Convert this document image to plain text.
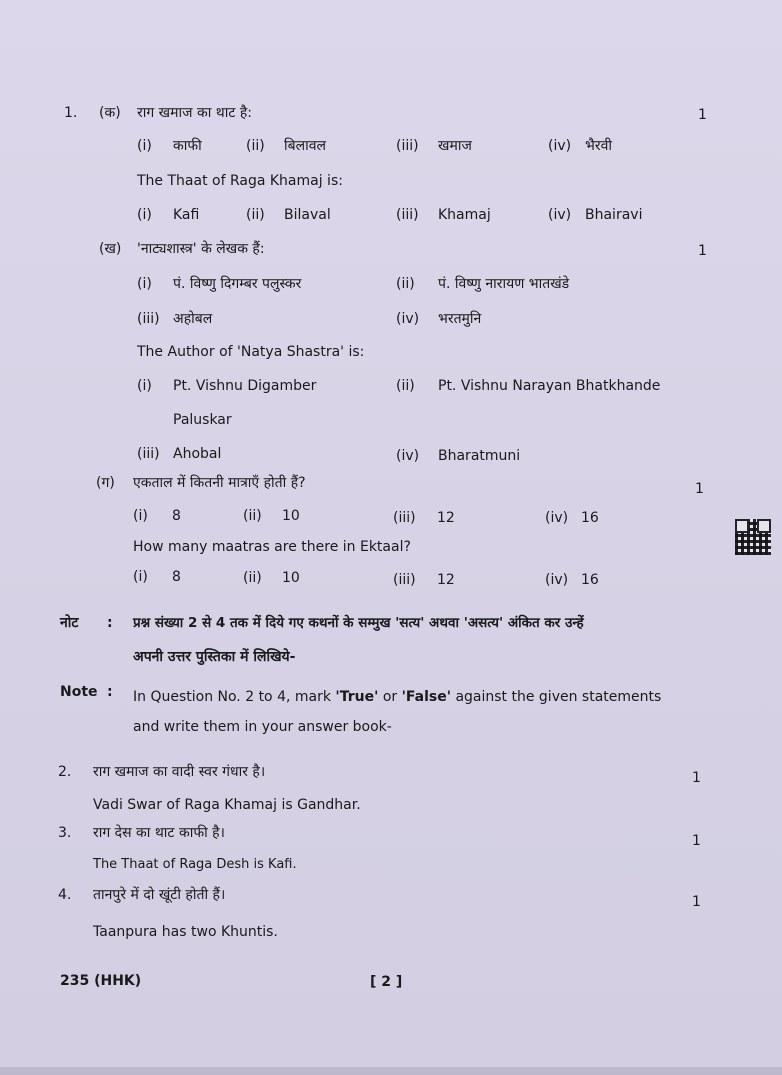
1. (क) राग खमाज का थाट है:	1
(i) काफी	(ii) बिलावल	(iii) खमाज	(iv) भैरवी
The Thaat of Raga Khamaj is:
(i) Kafi	(ii) Bilaval	(iii) Khamaj	(iv) Bhairavi
(ख) 'नाट्यशास्त्र' के लेखक हैं:	1
(i) पं. विष्णु दिगम्बर पलुस्कर	(ii) पं. विष्णु नारायण भातखंडे
(iii) अहोबल	(iv) भरतमुनि
The Author of 'Natya Shastra' is:
(i) Pt. Vishnu Digamber
Paluskar
(ii) Pt. Vishnu Narayan Bhatkhande
(iii) Ahobal	(iv) Bharatmuni
(ग) एकताल में कितनी मात्राएँ होती हैं?	1
(i) 8	(ii) 10	(iii) 12	(iv) 16
How many maatras are there in Ektaal?
(i) 8	(ii) 10	(iii) 12	(iv) 16
नोट : प्रश्न संख्या 2 से 4 तक में दिये गए कथनों के सम्मुख 'सत्य' अथवा 'असत्य' अंकित कर उन्हें
अपनी उत्तर पुस्तिका में लिखिये-
Note : In Question No. 2 to 4, mark 'True' or 'False' against the given statements
and write them in your answer book-
2. राग खमाज का वादी स्वर गंधार है।	1
Vadi Swar of Raga Khamaj is Gandhar.
3. राग देस का थाट काफी है।	1
The Thaat of Raga Desh is Kafi.
4. तानपुरे में दो खूंटी होती हैं।	1
Taanpura has two Khuntis.
235 (HHK)	[ 2 ]
